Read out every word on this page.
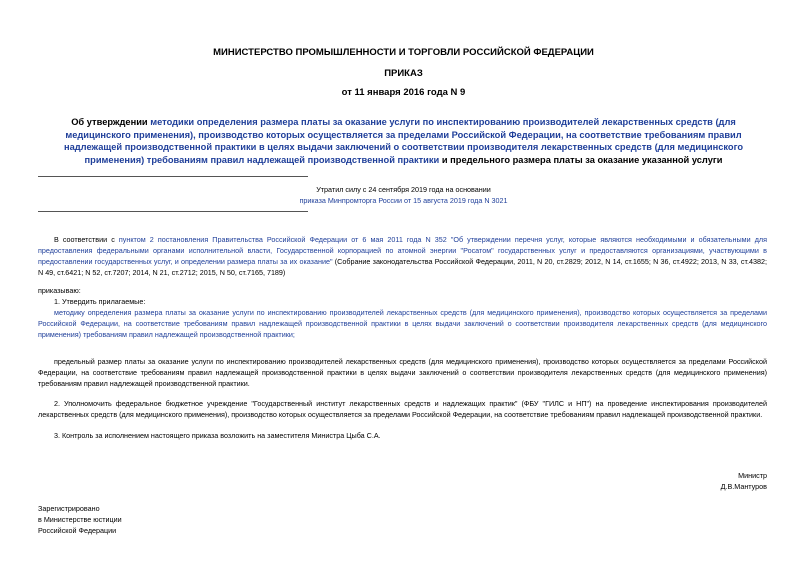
МИНИСТЕРСТВО ПРОМЫШЛЕННОСТИ И ТОРГОВЛИ РОССИЙСКОЙ ФЕДЕРАЦИИ
ПРИКАЗ
от 11 января 2016 года N 9
Об утверждении методики определения размера платы за оказание услуги по инспектированию производителей лекарственных средств (для медицинского применения), производство которых осуществляется за пределами Российской Федерации, на соответствие требованиям правил надлежащей производственной практики в целях выдачи заключений о соответствии производителя лекарственных средств (для медицинского применения) требованиям правил надлежащей производственной практики и предельного размера платы за оказание указанной услуги
Утратил силу с 24 сентября 2019 года на основании
приказа Минпромторга России от 15 августа 2019 года N 3021
В соответствии с пунктом 2 постановления Правительства Российской Федерации от 6 мая 2011 года N 352 "Об утверждении перечня услуг, которые являются необходимыми и обязательными для предоставления федеральными органами исполнительной власти, Государственной корпорацией по атомной энергии "Росатом" государственных услуг и предоставляются организациями, участвующими в предоставлении государственных услуг, и определении размера платы за их оказание" (Собрание законодательства Российской Федерации, 2011, N 20, ст.2829; 2012, N 14, ст.1655; N 36, ст.4922; 2013, N 33, ст.4382; N 49, ст.6421; N 52, ст.7207; 2014, N 21, ст.2712; 2015, N 50, ст.7165, 7189)
приказываю:
1. Утвердить прилагаемые:
методику определения размера платы за оказание услуги по инспектированию производителей лекарственных средств (для медицинского применения), производство которых осуществляется за пределами Российской Федерации, на соответствие требованиям правил надлежащей производственной практики в целях выдачи заключений о соответствии производителя лекарственных средств (для медицинского применения) требованиям правил надлежащей производственной практики;
предельный размер платы за оказание услуги по инспектированию производителей лекарственных средств (для медицинского применения), производство которых осуществляется за пределами Российской Федерации, на соответствие требованиям правил надлежащей производственной практики в целях выдачи заключений о соответствии производителя лекарственных средств (для медицинского применения) требованиям правил надлежащей производственной практики.
2. Уполномочить федеральное бюджетное учреждение "Государственный институт лекарственных средств и надлежащих практик" (ФБУ "ГИЛС и НП") на проведение инспектирования производителей лекарственных средств (для медицинского применения), производство которых осуществляется за пределами Российской Федерации, на соответствие требованиям правил надлежащей производственной практики.
3. Контроль за исполнением настоящего приказа возложить на заместителя Министра Цыба С.А.
Министр
Д.В.Мантуров
Зарегистрировано
в Министерстве юстиции
Российской Федерации
